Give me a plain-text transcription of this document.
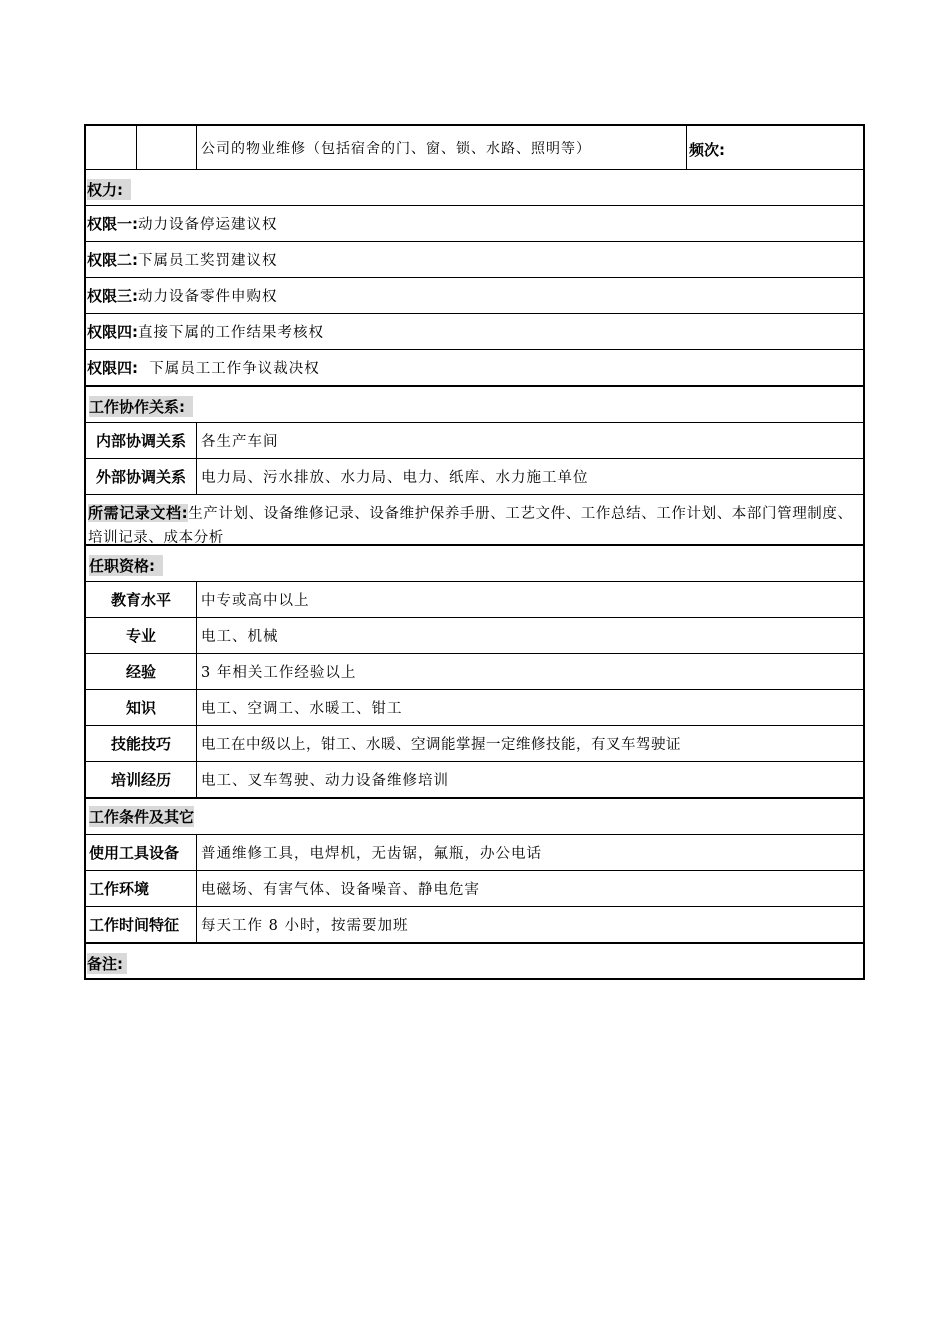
公司的物业维修（包括宿舍的门、窗、锁、水路、照明等）	频次:
权力:
权限一: 动力设备停运建议权
权限二: 下属员工奖罚建议权
权限三: 动力设备零件申购权
权限四: 直接下属的工作结果考核权
权限四: 下属员工工作争议裁决权
工作协作关系:
内部协调关系	各生产车间
外部协调关系	电力局、污水排放、水力局、电力、纸库、水力施工单位
所需记录文档:生产计划、设备维修记录、设备维护保养手册、工艺文件、工作总结、工作计划、本部门管理制度、培训记录、成本分析
任职资格:
教育水平	中专或高中以上
专业	电工、机械
经验	3 年相关工作经验以上
知识	电工、空调工、水暖工、钳工
技能技巧	电工在中级以上，钳工、水暖、空调能掌握一定维修技能，有叉车驾驶证
培训经历	电工、叉车驾驶、动力设备维修培训
工作条件及其它
使用工具设备	普通维修工具，电焊机，无齿锯，氟瓶，办公电话
工作环境	电磁场、有害气体、设备噪音、静电危害
工作时间特征	每天工作 8 小时，按需要加班
备注:
